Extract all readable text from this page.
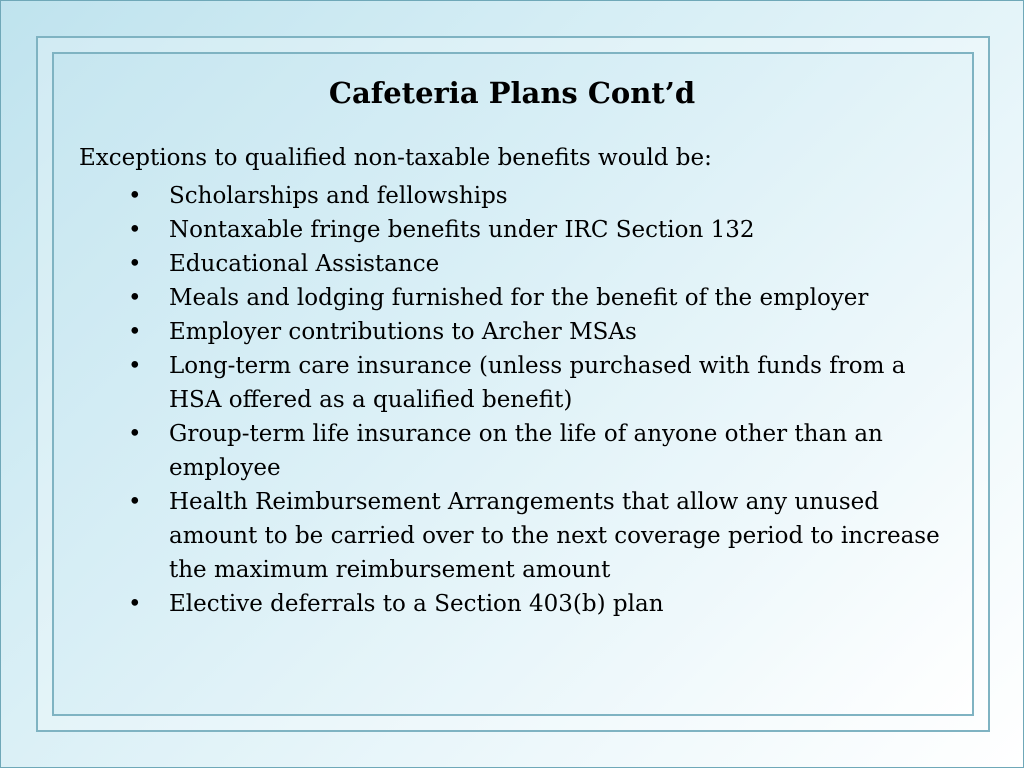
Cafeteria Plans Cont’d

Exceptions to qualified non-taxable benefits would be:

• Scholarships and fellowships
• Nontaxable fringe benefits under IRC Section 132
• Educational Assistance
• Meals and lodging furnished for the benefit of the employer
• Employer contributions to Archer MSAs
• Long-term care insurance (unless purchased with funds from a HSA offered as a qualified benefit)
• Group-term life insurance on the life of anyone other than an employee
• Health Reimbursement Arrangements that allow any unused amount to be carried over to the next coverage period to increase the maximum reimbursement amount
• Elective deferrals to a Section 403(b) plan
